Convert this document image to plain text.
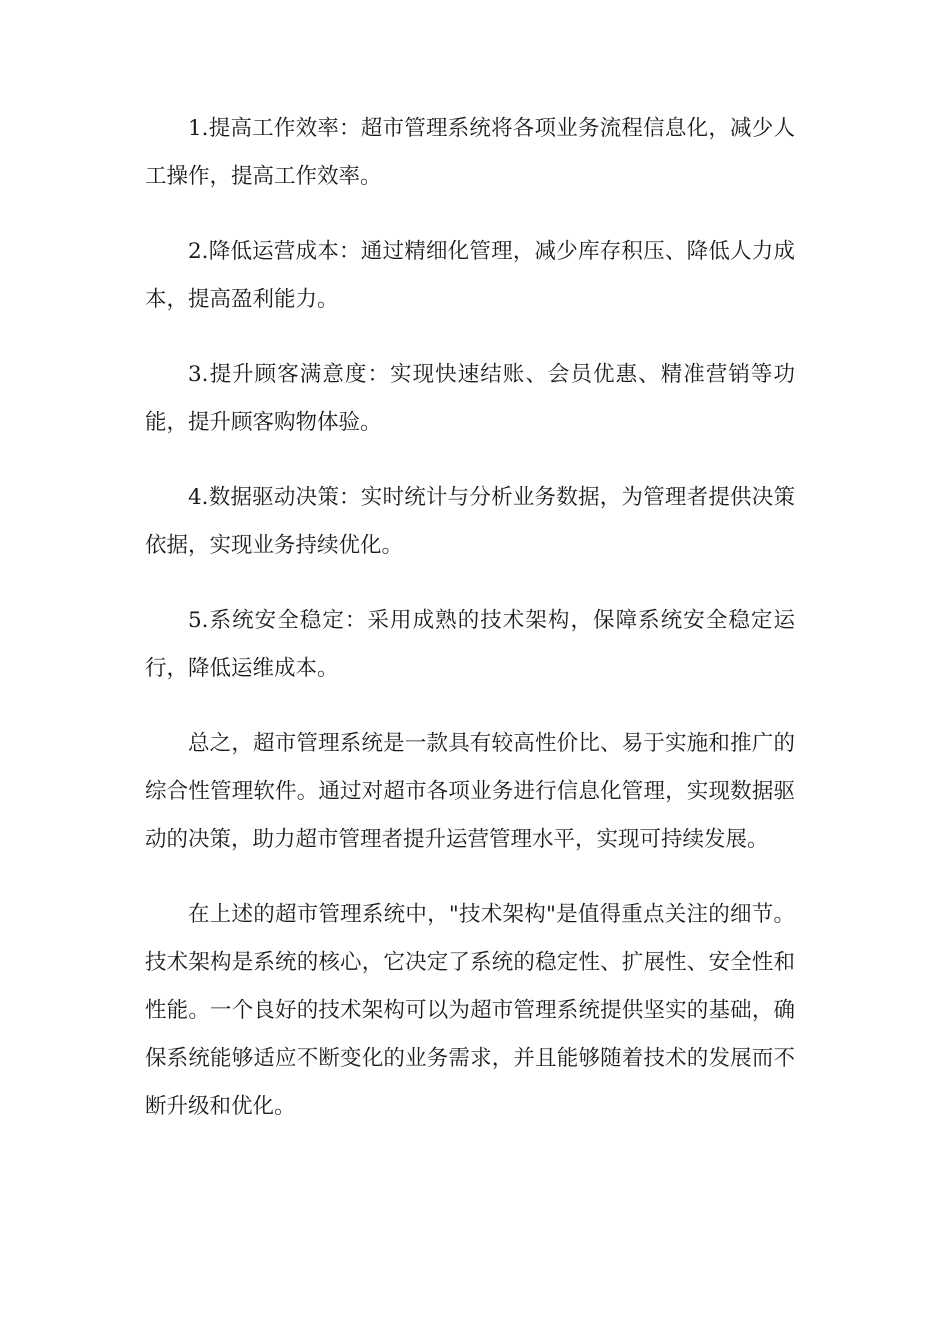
1.提高工作效率：超市管理系统将各项业务流程信息化，减少人工操作，提高工作效率。

2.降低运营成本：通过精细化管理，减少库存积压、降低人力成本，提高盈利能力。

3.提升顾客满意度：实现快速结账、会员优惠、精准营销等功能，提升顾客购物体验。

4.数据驱动决策：实时统计与分析业务数据，为管理者提供决策依据，实现业务持续优化。

5.系统安全稳定：采用成熟的技术架构，保障系统安全稳定运行，降低运维成本。

总之，超市管理系统是一款具有较高性价比、易于实施和推广的综合性管理软件。通过对超市各项业务进行信息化管理，实现数据驱动的决策，助力超市管理者提升运营管理水平，实现可持续发展。

在上述的超市管理系统中，"技术架构"是值得重点关注的细节。技术架构是系统的核心，它决定了系统的稳定性、扩展性、安全性和性能。一个良好的技术架构可以为超市管理系统提供坚实的基础，确保系统能够适应不断变化的业务需求，并且能够随着技术的发展而不断升级和优化。
